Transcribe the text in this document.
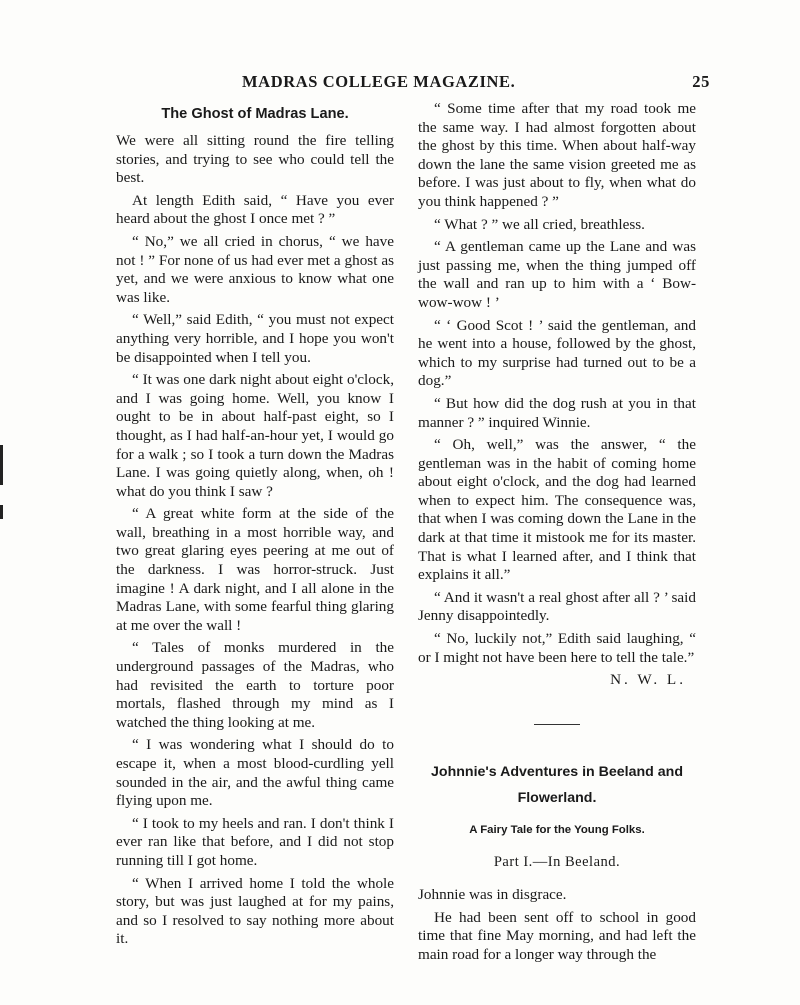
MADRAS COLLEGE MAGAZINE.	25
The Ghost of Madras Lane.

We were all sitting round the fire telling stories, and trying to see who could tell the best.

At length Edith said, “ Have you ever heard about the ghost I once met ? ”

“ No,” we all cried in chorus, “ we have not ! ” For none of us had ever met a ghost as yet, and we were anxious to know what one was like.

“ Well,” said Edith, “ you must not expect anything very horrible, and I hope you won't be disappointed when I tell you.

“ It was one dark night about eight o'clock, and I was going home. Well, you know I ought to be in about half-past eight, so I thought, as I had half-an-hour yet, I would go for a walk ; so I took a turn down the Madras Lane. I was going quietly along, when, oh ! what do you think I saw ?

“ A great white form at the side of the wall, breathing in a most horrible way, and two great glaring eyes peering at me out of the darkness. I was horror-struck. Just imagine ! A dark night, and I all alone in the Madras Lane, with some fearful thing glaring at me over the wall !

“ Tales of monks murdered in the underground passages of the Madras, who had revisited the earth to torture poor mortals, flashed through my mind as I watched the thing looking at me.

“ I was wondering what I should do to escape it, when a most blood-curdling yell sounded in the air, and the awful thing came flying upon me.

“ I took to my heels and ran. I don't think I ever ran like that before, and I did not stop running till I got home.

“ When I arrived home I told the whole story, but was just laughed at for my pains, and so I resolved to say nothing more about it.

“ Some time after that my road took me the same way. I had almost forgotten about the ghost by this time. When about half-way down the lane the same vision greeted me as before. I was just about to fly, when what do you think happened ? ”

“ What ? ” we all cried, breathless.

“ A gentleman came up the Lane and was just passing me, when the thing jumped off the wall and ran up to him with a ‘ Bow-wow-wow ! ’

“ ‘ Good Scot ! ’ said the gentleman, and he went into a house, followed by the ghost, which to my surprise had turned out to be a dog.”

“ But how did the dog rush at you in that manner ? ” inquired Winnie.

“ Oh, well,” was the answer, “ the gentleman was in the habit of coming home about eight o'clock, and the dog had learned when to expect him. The consequence was, that when I was coming down the Lane in the dark at that time it mistook me for its master. That is what I learned after, and I think that explains it all.”

“ And it wasn't a real ghost after all ? ’ said Jenny disappointedly.

“ No, luckily not,” Edith said laughing, “ or I might not have been here to tell the tale.”

N. W. L.

Johnnie's Adventures in Beeland and Flowerland.
A Fairy Tale for the Young Folks.
Part I.—In Beeland.

Johnnie was in disgrace.

He had been sent off to school in good time that fine May morning, and had left the main road for a longer way through the
